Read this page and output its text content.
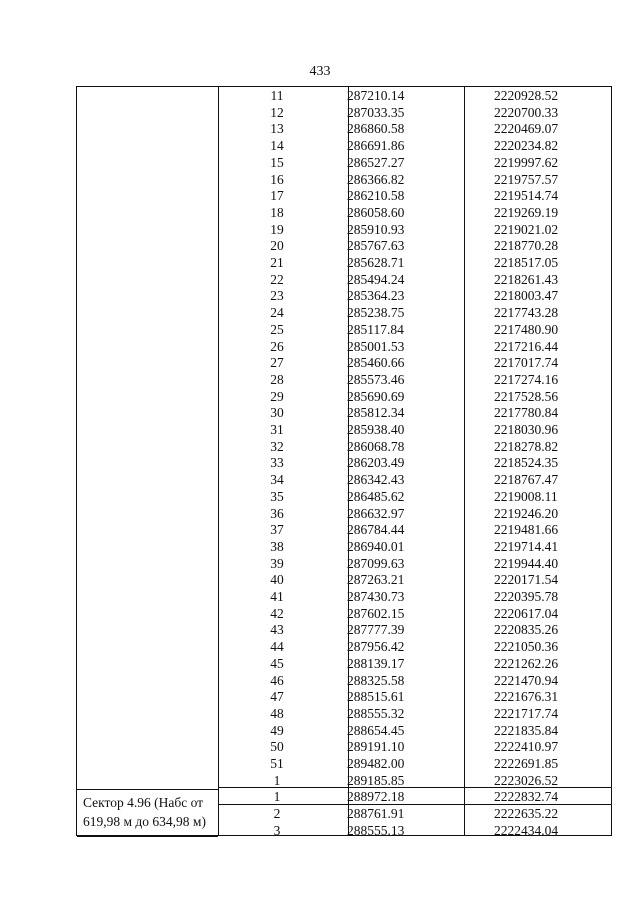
433
Сектор 4.96 (Набс от
619,98 м до 634,98 м)
11	287210.14	2220928.52
12	287033.35	2220700.33
13	286860.58	2220469.07
14	286691.86	2220234.82
15	286527.27	2219997.62
16	286366.82	2219757.57
17	286210.58	2219514.74
18	286058.60	2219269.19
19	285910.93	2219021.02
20	285767.63	2218770.28
21	285628.71	2218517.05
22	285494.24	2218261.43
23	285364.23	2218003.47
24	285238.75	2217743.28
25	285117.84	2217480.90
26	285001.53	2217216.44
27	285460.66	2217017.74
28	285573.46	2217274.16
29	285690.69	2217528.56
30	285812.34	2217780.84
31	285938.40	2218030.96
32	286068.78	2218278.82
33	286203.49	2218524.35
34	286342.43	2218767.47
35	286485.62	2219008.11
36	286632.97	2219246.20
37	286784.44	2219481.66
38	286940.01	2219714.41
39	287099.63	2219944.40
40	287263.21	2220171.54
41	287430.73	2220395.78
42	287602.15	2220617.04
43	287777.39	2220835.26
44	287956.42	2221050.36
45	288139.17	2221262.26
46	288325.58	2221470.94
47	288515.61	2221676.31
48	288555.32	2221717.74
49	288654.45	2221835.84
50	289191.10	2222410.97
51	289482.00	2222691.85
1	289185.85	2223026.52
1	288972.18	2222832.74
2	288761.91	2222635.22
3	288555.13	2222434.04
